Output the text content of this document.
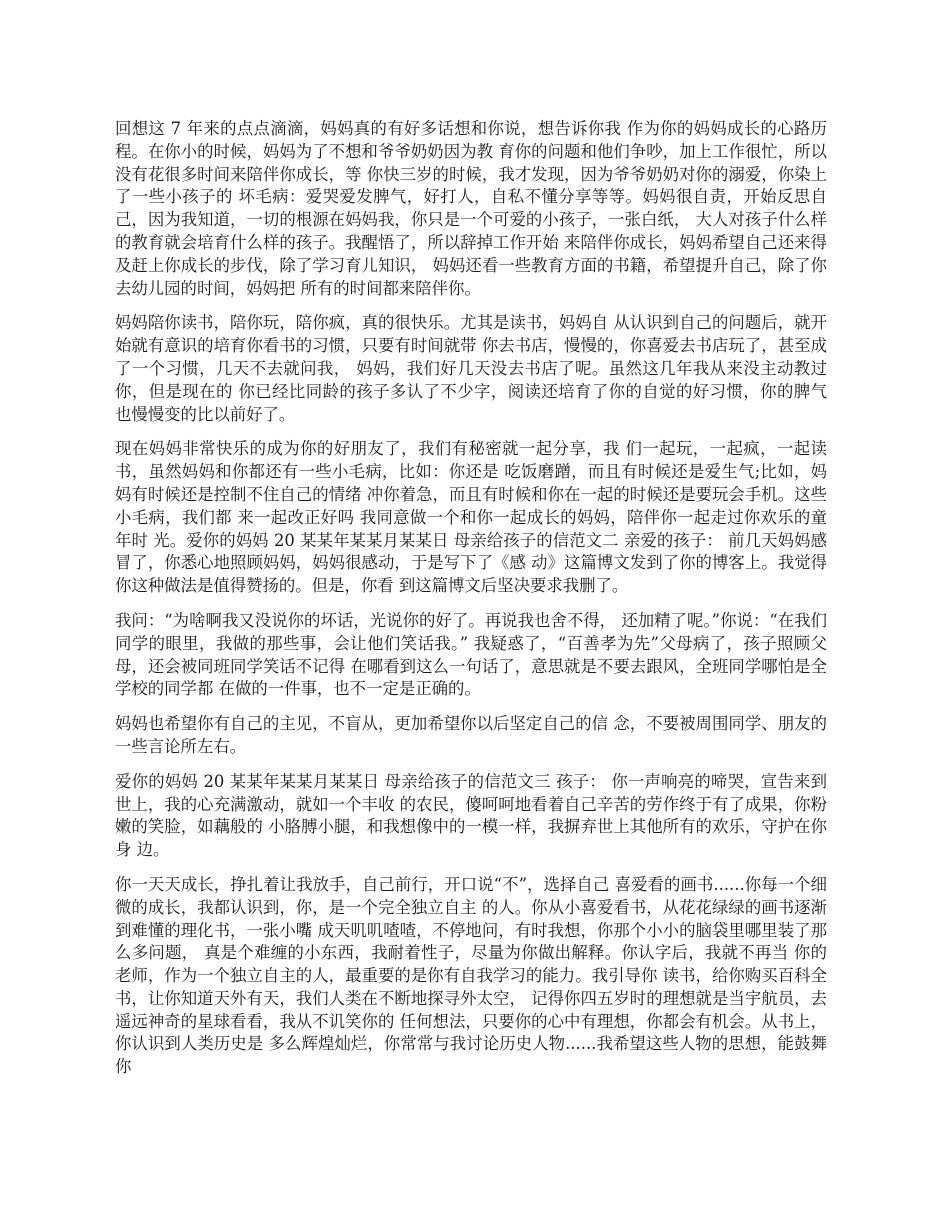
回想这 7 年来的点点滴滴，妈妈真的有好多话想和你说，想告诉你我 作为你的妈妈成长的心路历程。在你小的时候，妈妈为了不想和爷爷奶奶因为教 育你的问题和他们争吵，加上工作很忙，所以没有花很多时间来陪伴你成长，等 你快三岁的时候，我才发现，因为爷爷奶奶对你的溺爱，你染上了一些小孩子的 坏毛病：爱哭爱发脾气，好打人，自私不懂分享等等。妈妈很自责，开始反思自 己，因为我知道，一切的根源在妈妈我，你只是一个可爱的小孩子，一张白纸， 大人对孩子什么样的教育就会培育什么样的孩子。我醒悟了，所以辞掉工作开始 来陪伴你成长，妈妈希望自己还来得及赶上你成长的步伐，除了学习育儿知识， 妈妈还看一些教育方面的书籍，希望提升自己，除了你去幼儿园的时间，妈妈把 所有的时间都来陪伴你。

妈妈陪你读书，陪你玩，陪你疯，真的很快乐。尤其是读书，妈妈自 从认识到自己的问题后，就开始就有意识的培育你看书的习惯，只要有时间就带 你去书店，慢慢的，你喜爱去书店玩了，甚至成了一个习惯，几天不去就问我， 妈妈，我们好几天没去书店了呢。虽然这几年我从来没主动教过你，但是现在的 你已经比同龄的孩子多认了不少字，阅读还培育了你的自觉的好习惯，你的脾气 也慢慢变的比以前好了。

现在妈妈非常快乐的成为你的好朋友了，我们有秘密就一起分享，我 们一起玩，一起疯，一起读书，虽然妈妈和你都还有一些小毛病，比如：你还是 吃饭磨蹭，而且有时候还是爱生气;比如，妈妈有时候还是控制不住自己的情绪 冲你着急，而且有时候和你在一起的时候还是要玩会手机。这些小毛病，我们都 来一起改正好吗 我同意做一个和你一起成长的妈妈，陪伴你一起走过你欢乐的童年时 光。爱你的妈妈 20 某某年某某月某某日 母亲给孩子的信范文二 亲爱的孩子： 前几天妈妈感冒了，你悉心地照顾妈妈，妈妈很感动，于是写下了《感 动》这篇博文发到了你的博客上。我觉得你这种做法是值得赞扬的。但是，你看 到这篇博文后坚决要求我删了。

我问：“为啥啊我又没说你的坏话，光说你的好了。再说我也舍不得， 还加精了呢。”你说：“在我们同学的眼里，我做的那些事，会让他们笑话我。” 我疑惑了，“百善孝为先”父母病了，孩子照顾父母，还会被同班同学笑话不记得 在哪看到这么一句话了，意思就是不要去跟风，全班同学哪怕是全学校的同学都 在做的一件事，也不一定是正确的。

妈妈也希望你有自己的主见，不盲从，更加希望你以后坚定自己的信 念，不要被周围同学、朋友的一些言论所左右。

爱你的妈妈 20 某某年某某月某某日 母亲给孩子的信范文三 孩子： 你一声响亮的啼哭，宣告来到世上，我的心充满激动，就如一个丰收 的农民，傻呵呵地看着自己辛苦的劳作终于有了成果，你粉嫩的笑脸，如藕般的 小胳膊小腿，和我想像中的一模一样，我摒弃世上其他所有的欢乐，守护在你身 边。

你一天天成长，挣扎着让我放手，自己前行，开口说“不”，选择自己 喜爱看的画书......你每一个细微的成长，我都认识到，你，是一个完全独立自主 的人。你从小喜爱看书，从花花绿绿的画书逐渐到难懂的理化书，一张小嘴 成天叽叽喳喳，不停地问，有时我想，你那个小小的脑袋里哪里装了那么多问题， 真是个难缠的小东西，我耐着性子，尽量为你做出解释。你认字后，我就不再当 你的老师，作为一个独立自主的人，最重要的是你有自我学习的能力。我引导你 读书，给你购买百科全书，让你知道天外有天，我们人类在不断地探寻外太空， 记得你四五岁时的理想就是当宇航员，去遥远神奇的星球看看，我从不讥笑你的 任何想法，只要你的心中有理想，你都会有机会。从书上，你认识到人类历史是 多么辉煌灿烂，你常常与我讨论历史人物......我希望这些人物的思想，能鼓舞你
